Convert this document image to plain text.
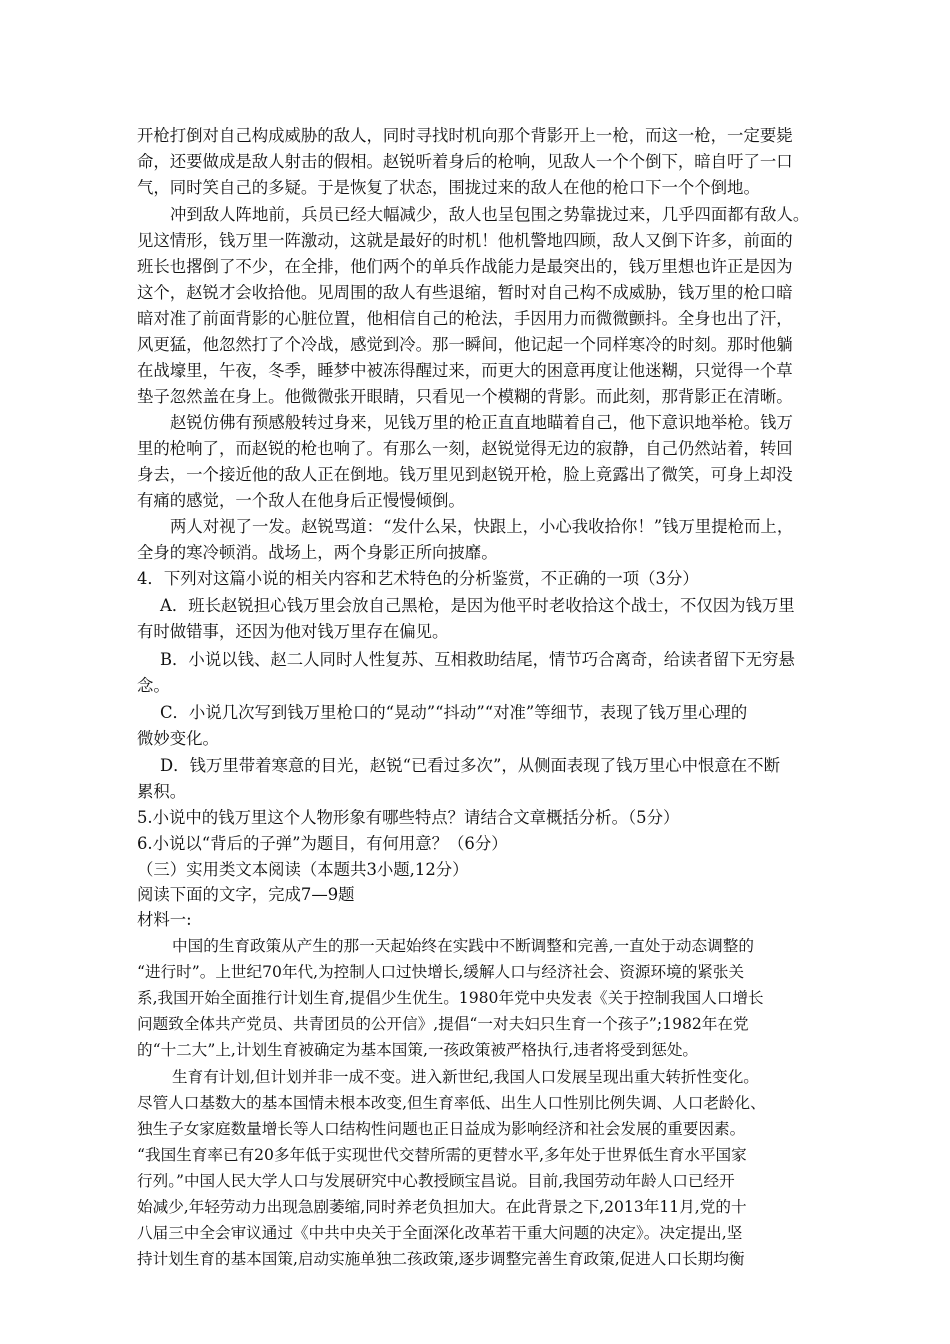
开枪打倒对自己构成威胁的敌人，同时寻找时机向那个背影开上一枪，而这一枪，一定要毙
命，还要做成是敌人射击的假相。赵锐听着身后的枪响，见敌人一个个倒下，暗自吁了一口
气，同时笑自己的多疑。于是恢复了状态，围拢过来的敌人在他的枪口下一个个倒地。
冲到敌人阵地前，兵员已经大幅减少，敌人也呈包围之势靠拢过来，几乎四面都有敌人。
见这情形，钱万里一阵激动，这就是最好的时机！他机警地四顾，敌人又倒下许多，前面的
班长也撂倒了不少，在全排，他们两个的单兵作战能力是最突出的，钱万里想也许正是因为
这个，赵锐才会收拾他。见周围的敌人有些退缩，暂时对自己构不成威胁，钱万里的枪口暗
暗对准了前面背影的心脏位置，他相信自己的枪法，手因用力而微微颤抖。全身也出了汗，
风更猛，他忽然打了个冷战，感觉到冷。那一瞬间，他记起一个同样寒冷的时刻。那时他躺
在战壕里，午夜，冬季，睡梦中被冻得醒过来，而更大的困意再度让他迷糊，只觉得一个草
垫子忽然盖在身上。他微微张开眼睛，只看见一个模糊的背影。而此刻，那背影正在清晰。
赵锐仿佛有预感般转过身来，见钱万里的枪正直直地瞄着自己，他下意识地举枪。钱万
里的枪响了，而赵锐的枪也响了。有那么一刻，赵锐觉得无边的寂静，自己仍然站着，转回
身去，一个接近他的敌人正在倒地。钱万里见到赵锐开枪，脸上竟露出了微笑，可身上却没
有痛的感觉，一个敌人在他身后正慢慢倾倒。
两人对视了一发。赵锐骂道：“发什么呆，快跟上，小心我收拾你！”钱万里提枪而上，
全身的寒冷顿消。战场上，两个身影正所向披靡。
4．下列对这篇小说的相关内容和艺术特色的分析鉴赏，不正确的一项（3分）
A．班长赵锐担心钱万里会放自己黑枪，是因为他平时老收拾这个战士，不仅因为钱万里
有时做错事，还因为他对钱万里存在偏见。
B．小说以钱、赵二人同时人性复苏、互相救助结尾，情节巧合离奇，给读者留下无穷悬
念。
C．小说几次写到钱万里枪口的“晃动”“抖动”“对准”等细节，表现了钱万里心理的
微妙变化。
D．钱万里带着寒意的目光，赵锐“已看过多次”，从侧面表现了钱万里心中恨意在不断
累积。
5.小说中的钱万里这个人物形象有哪些特点？请结合文章概括分析。（5分）
6.小说以“背后的子弹”为题目，有何用意？（6分）
（三）实用类文本阅读（本题共3小题,12分）
阅读下面的文字，完成7—9题
材料一:
中国的生育政策从产生的那一天起始终在实践中不断调整和完善,一直处于动态调整的
“进行时”。上世纪70年代,为控制人口过快增长,缓解人口与经济社会、资源环境的紧张关
系,我国开始全面推行计划生育,提倡少生优生。1980年党中央发表《关于控制我国人口增长
问题致全体共产党员、共青团员的公开信》,提倡“一对夫妇只生育一个孩子”;1982年在党
的“十二大”上,计划生育被确定为基本国策,一孩政策被严格执行,违者将受到惩处。
生育有计划,但计划并非一成不变。进入新世纪,我国人口发展呈现出重大转折性变化。
尽管人口基数大的基本国情未根本改变,但生育率低、出生人口性别比例失调、人口老龄化、
独生子女家庭数量增长等人口结构性问题也正日益成为影响经济和社会发展的重要因素。
“我国生育率已有20多年低于实现世代交替所需的更替水平,多年处于世界低生育水平国家
行列。”中国人民大学人口与发展研究中心教授顾宝昌说。目前,我国劳动年龄人口已经开
始减少,年轻劳动力出现急剧萎缩,同时养老负担加大。在此背景之下,2013年11月,党的十
八届三中全会审议通过《中共中央关于全面深化改革若干重大问题的决定》。决定提出,坚
持计划生育的基本国策,启动实施单独二孩政策,逐步调整完善生育政策,促进人口长期均衡
